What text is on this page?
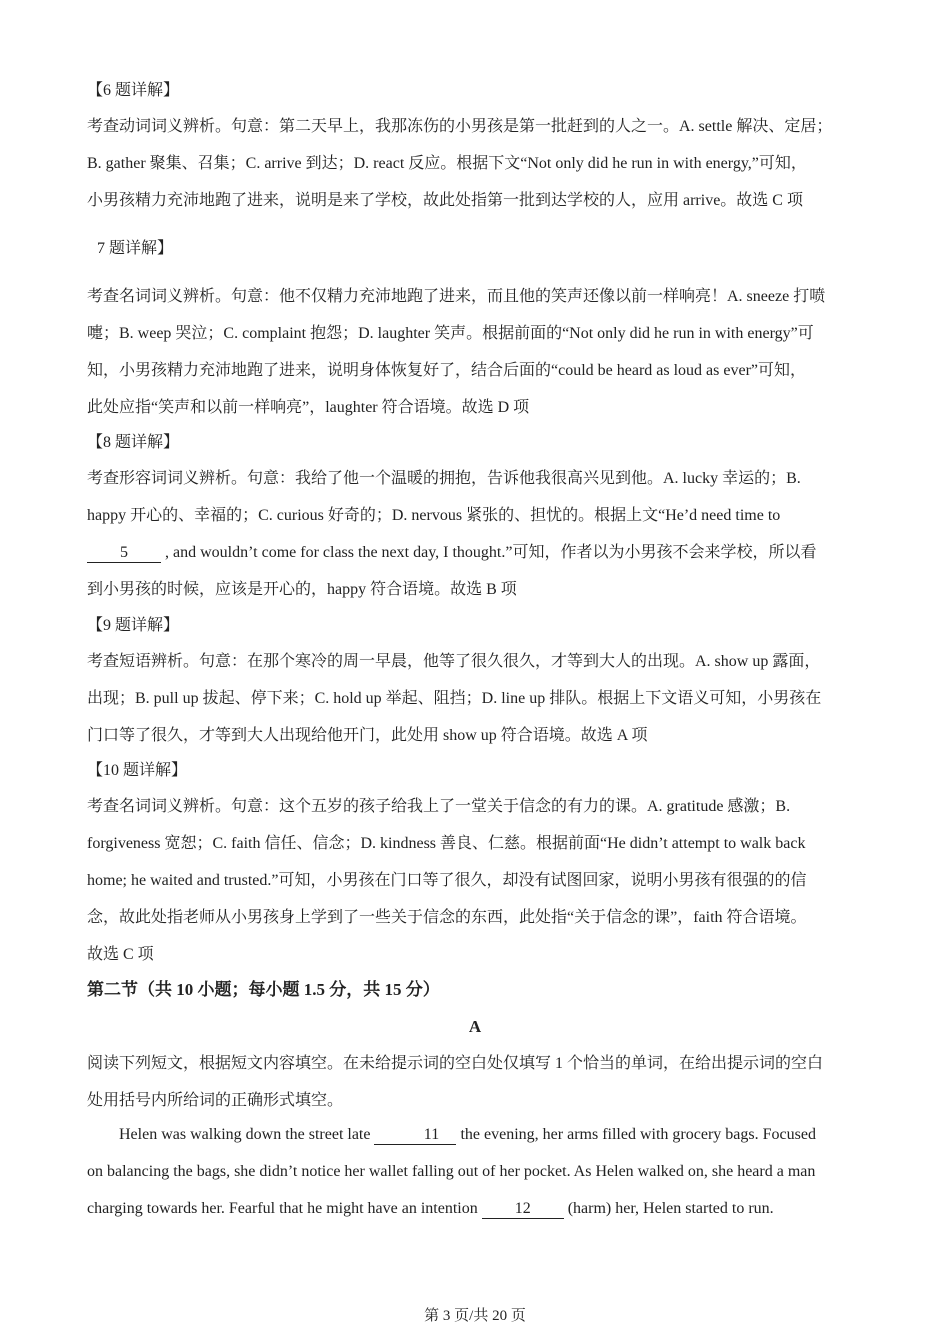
【6 题详解】

考查动词词义辨析。句意：第二天早上，我那冻伤的小男孩是第一批赶到的人之一。A. settle 解决、定居；

B. gather 聚集、召集；C. arrive 到达；D. react 反应。根据下文“Not only did he run in with energy,”可知，

小男孩精力充沛地跑了进来，说明是来了学校，故此处指第一批到达学校的人，应用 arrive。故选 C 项

7 题详解】

考查名词词义辨析。句意：他不仅精力充沛地跑了进来，而且他的笑声还像以前一样响亮！A. sneeze 打喷

嚏；B. weep 哭泣；C. complaint 抱怨；D. laughter 笑声。根据前面的“Not only did he run in with energy”可

知，小男孩精力充沛地跑了进来，说明身体恢复好了，结合后面的“could be heard as loud as ever”可知，

此处应指“笑声和以前一样响亮”，laughter 符合语境。故选 D 项

【8 题详解】

考查形容词词义辨析。句意：我给了他一个温暖的拥抱，告诉他我很高兴见到他。A. lucky 幸运的；B.

happy 开心的、幸福的；C. curious 好奇的；D. nervous 紧张的、担忧的。根据上文“He’d need time to

5 , and wouldn’t come for class the next day, I thought.”可知，作者以为小男孩不会来学校，所以看

到小男孩的时候，应该是开心的，happy 符合语境。故选 B 项

【9 题详解】

考查短语辨析。句意：在那个寒冷的周一早晨，他等了很久很久，才等到大人的出现。A. show up 露面，

出现；B. pull up 拔起、停下来；C. hold up 举起、阻挡；D. line up 排队。根据上下文语义可知，小男孩在

门口等了很久，才等到大人出现给他开门，此处用 show up 符合语境。故选 A 项

【10 题详解】

考查名词词义辨析。句意：这个五岁的孩子给我上了一堂关于信念的有力的课。A. gratitude 感激；B.

forgiveness 宽恕；C. faith 信任、信念；D. kindness 善良、仁慈。根据前面“He didn’t attempt to walk back

home; he waited and trusted.”可知，小男孩在门口等了很久，却没有试图回家，说明小男孩有很强的的信

念，故此处指老师从小男孩身上学到了一些关于信念的东西，此处指“关于信念的课”，faith 符合语境。

故选 C 项

第二节（共 10 小题；每小题 1.5 分，共 15 分）
A

阅读下列短文，根据短文内容填空。在未给提示词的空白处仅填写 1 个恰当的单词，在给出提示词的空白

处用括号内所给词的正确形式填空。

Helen was walking down the street late	11 the evening, her arms filled with grocery bags. Focused

on balancing the bags, she didn’t notice her wallet falling out of her pocket. As Helen walked on, she heard a man

charging towards her. Fearful that he might have an intention 12 (harm) her, Helen started to run.

第 3 页/共 20 页
